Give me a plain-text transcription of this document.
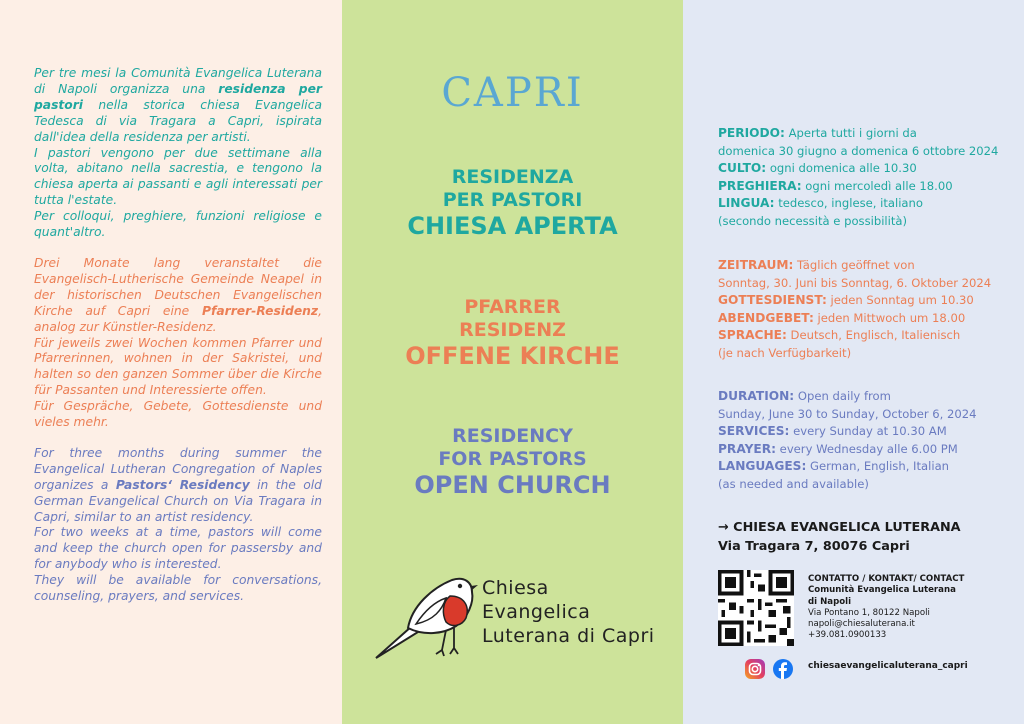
Per tre mesi la Comunità Evangelica Luterana di Napoli organizza una residenza per pastori nella storica chiesa Evangelica Tedesca di via Tragara a Capri, ispirata dall'idea della residenza per artisti.

I pastori vengono per due settimane alla volta, abitano nella sacrestia, e tengono la chiesa aperta ai passanti e agli interessati per tutta l'estate.

Per colloqui, preghiere, funzioni religiose e quant'altro.

Drei Monate lang veranstaltet die Evangelisch-Lutherische Gemeinde Neapel in der historischen Deutschen Evangelischen Kirche auf Capri eine Pfarrer-Residenz, analog zur Künstler-Residenz.

Für jeweils zwei Wochen kommen Pfarrer und Pfarrerinnen, wohnen in der Sakristei, und halten so den ganzen Sommer über die Kirche für Passanten und Interessierte offen.

Für Gespräche, Gebete, Gottesdienste und vieles mehr.

For three months during summer the Evangelical Lutheran Congregation of Naples organizes a Pastors‘ Residency in the old German Evangelical Church on Via Tragara in Capri, similar to an artist residency.

For two weeks at a time, pastors will come and keep the church open for passersby and for anybody who is interested.

They will be available for conversations, counseling, prayers, and services.

CAPRI
RESIDENZA
PER PASTORI
CHIESA APERTA
PFARRER
RESIDENZ
OFFENE KIRCHE
RESIDENCY
FOR PASTORS
OPEN CHURCH
Chiesa
Evangelica
Luterana di Capri
PERIODO: Aperta tutti i giorni da
domenica 30 giugno a domenica 6 ottobre 2024
CULTO: ogni domenica alle 10.30
PREGHIERA: ogni mercoledì alle 18.00
LINGUA: tedesco, inglese, italiano
(secondo necessità e possibilità)
ZEITRAUM: Täglich geöffnet von
Sonntag, 30. Juni bis Sonntag, 6. Oktober 2024
GOTTESDIENST: jeden Sonntag um 10.30
ABENDGEBET: jeden Mittwoch um 18.00
SPRACHE: Deutsch, Englisch, Italienisch
(je nach Verfügbarkeit)
DURATION: Open daily from
Sunday, June 30 to Sunday, October 6, 2024
SERVICES: every Sunday at 10.30 AM
PRAYER: every Wednesday alle 6.00 PM
LANGUAGES: German, English, Italian
(as needed and available)
→ CHIESA EVANGELICA LUTERANA
Via Tragara 7, 80076 Capri
CONTATTO / KONTAKT/ CONTACT
Comunità Evangelica Luterana
di Napoli
Via Pontano 1, 80122 Napoli
napoli@chiesaluterana.it
+39.081.0900133
chiesaevangelicaluterana_capri
